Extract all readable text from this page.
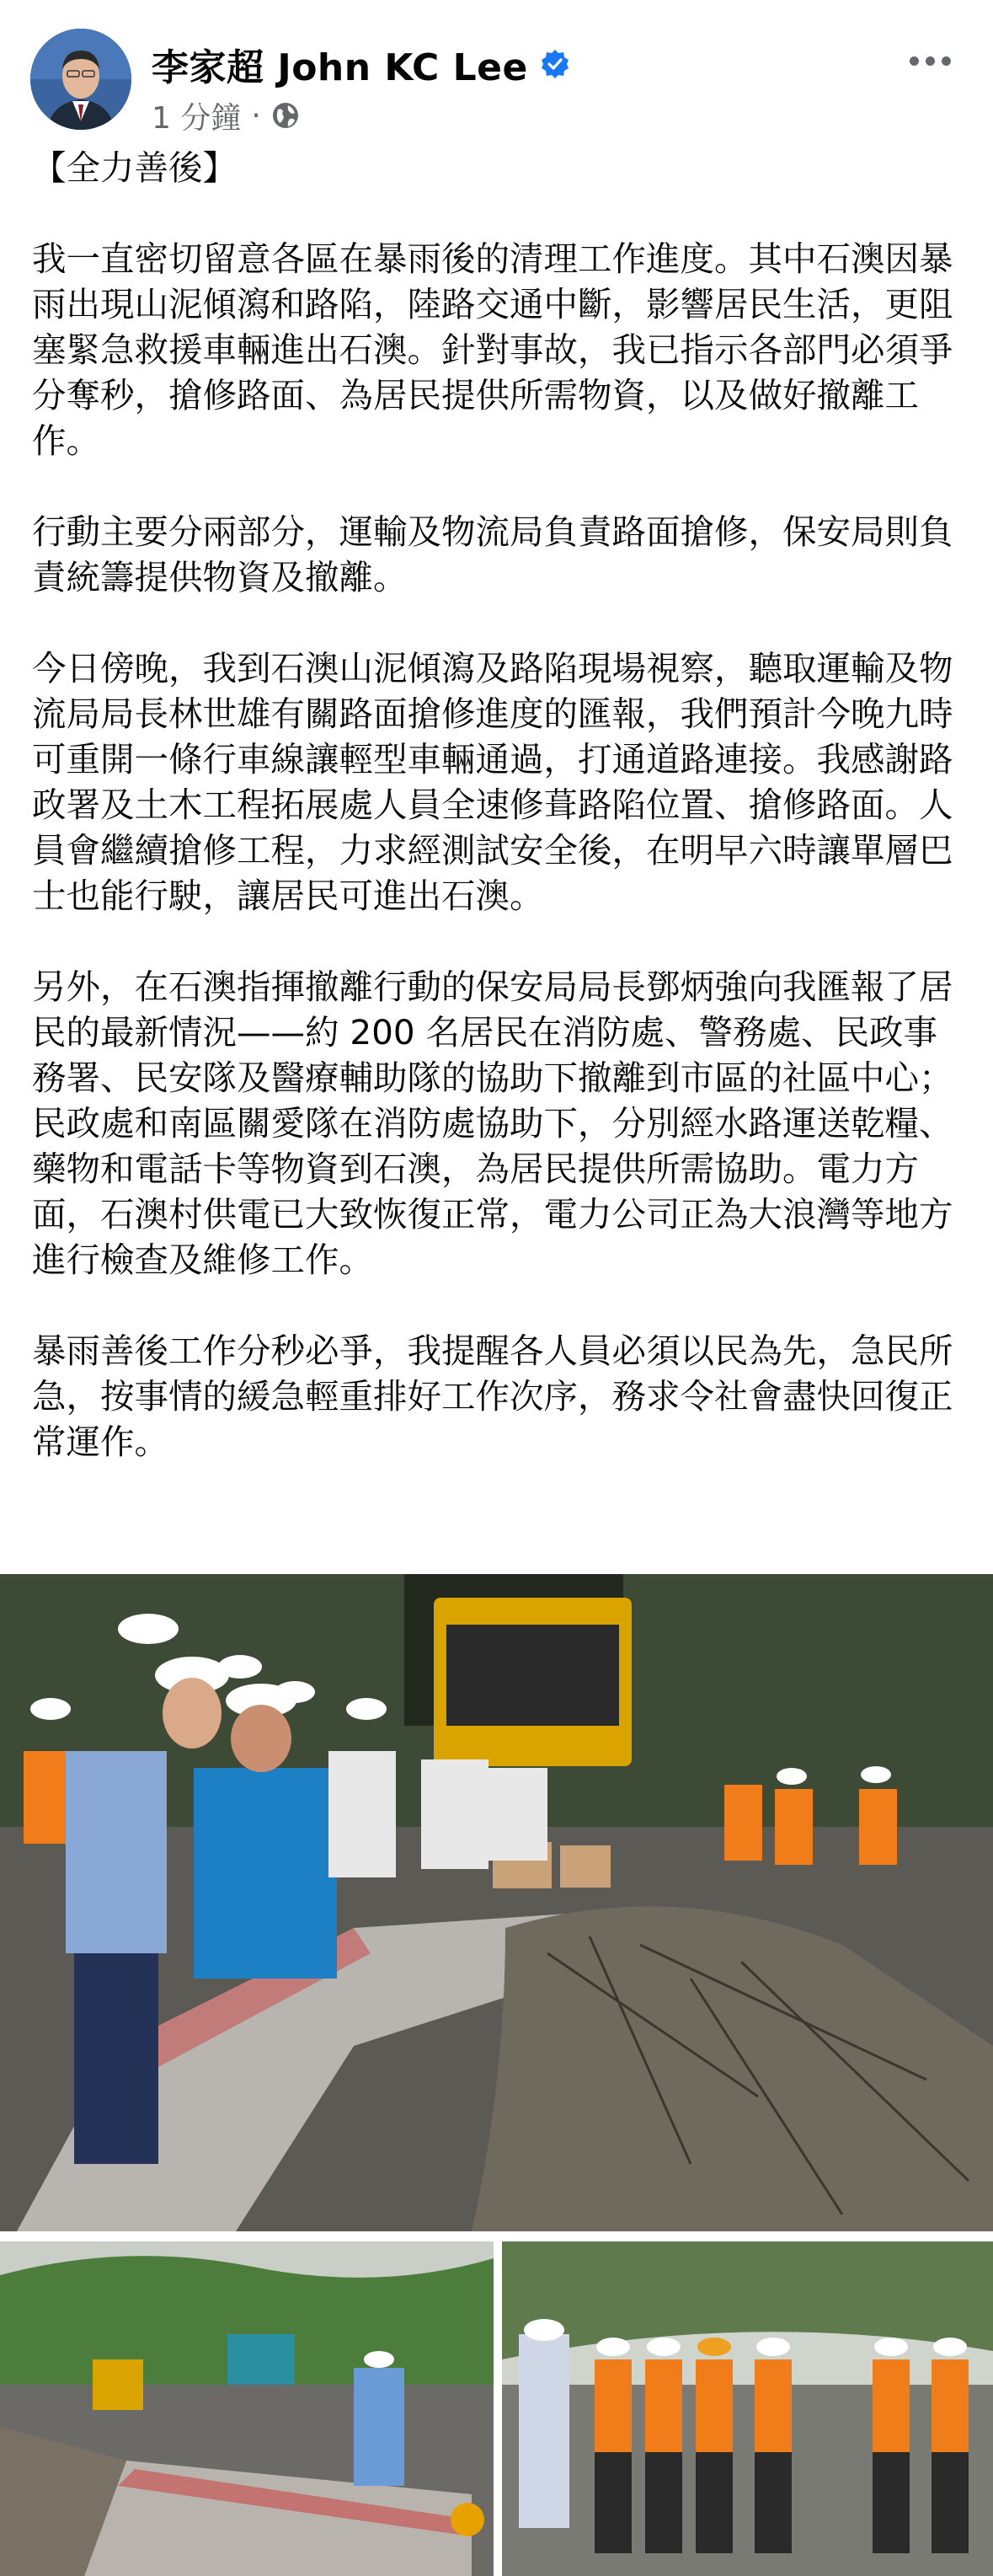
李家超 John KC Lee
1 分鐘 ·

【全力善後】

我一直密切留意各區在暴雨後的清理工作進度。其中石澳因暴雨出現山泥傾瀉和路陷，陸路交通中斷，影響居民生活，更阻塞緊急救援車輛進出石澳。針對事故，我已指示各部門必須爭分奪秒，搶修路面、為居民提供所需物資，以及做好撤離工作。

行動主要分兩部分，運輸及物流局負責路面搶修，保安局則負責統籌提供物資及撤離。

今日傍晚，我到石澳山泥傾瀉及路陷現場視察，聽取運輸及物流局局長林世雄有關路面搶修進度的匯報，我們預計今晚九時可重開一條行車線讓輕型車輛通過，打通道路連接。我感謝路政署及土木工程拓展處人員全速修葺路陷位置、搶修路面。人員會繼續搶修工程，力求經測試安全後，在明早六時讓單層巴士也能行駛，讓居民可進出石澳。

另外，在石澳指揮撤離行動的保安局局長鄧炳強向我匯報了居民的最新情況——約 200 名居民在消防處、警務處、民政事務署、民安隊及醫療輔助隊的協助下撤離到市區的社區中心；民政處和南區關愛隊在消防處協助下，分別經水路運送乾糧、藥物和電話卡等物資到石澳，為居民提供所需協助。電力方面，石澳村供電已大致恢復正常，電力公司正為大浪灣等地方進行檢查及維修工作。

暴雨善後工作分秒必爭，我提醒各人員必須以民為先，急民所急，按事情的緩急輕重排好工作次序，務求令社會盡快回復正常運作。
